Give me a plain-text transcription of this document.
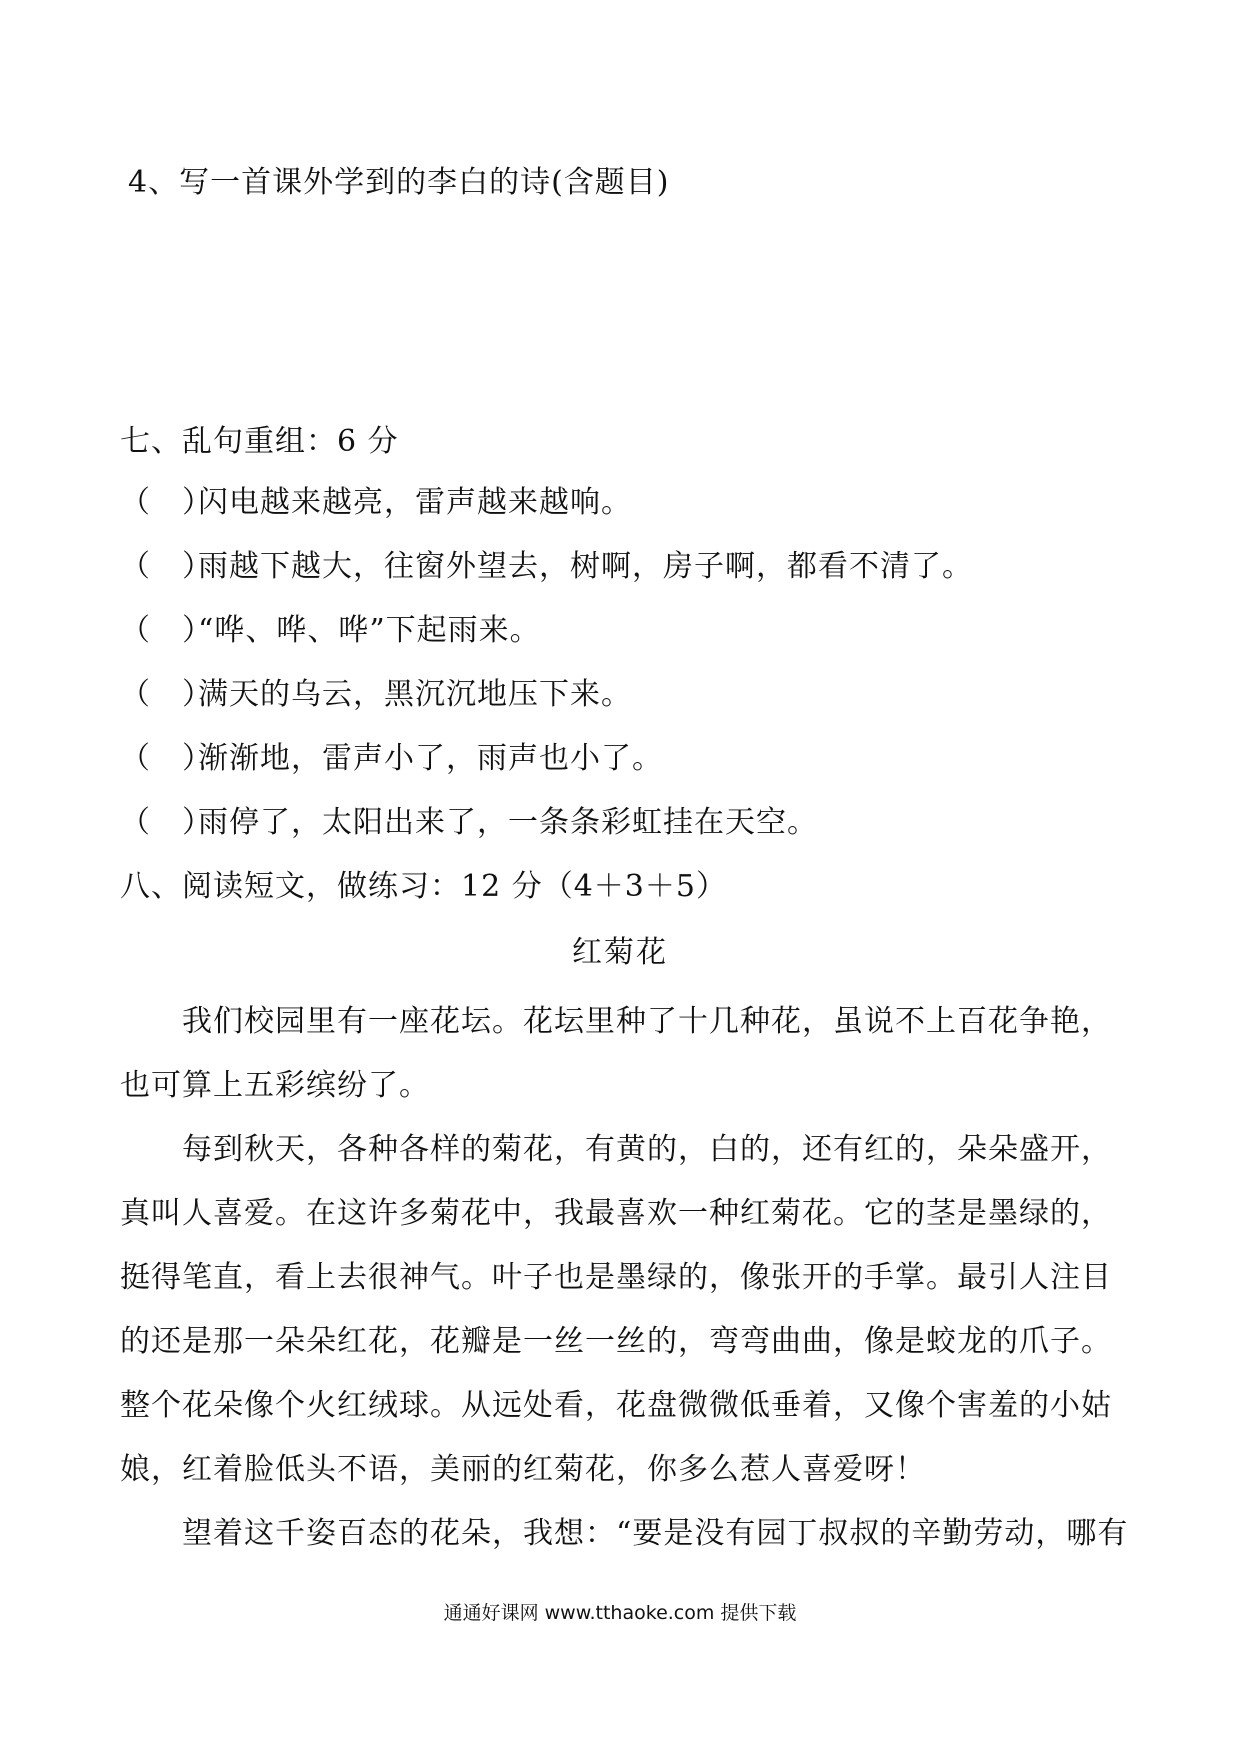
4、写一首课外学到的李白的诗(含题目)
七、乱句重组：6 分
（　）闪电越来越亮，雷声越来越响。
（　）雨越下越大，往窗外望去，树啊，房子啊，都看不清了。
（　）“哗、哗、哗”下起雨来。
（　）满天的乌云，黑沉沉地压下来。
（　）渐渐地，雷声小了，雨声也小了。
（　）雨停了，太阳出来了，一条条彩虹挂在天空。
八、阅读短文，做练习：12 分（4＋3＋5）
红菊花
我们校园里有一座花坛。花坛里种了十几种花，虽说不上百花争艳，
也可算上五彩缤纷了。
每到秋天，各种各样的菊花，有黄的，白的，还有红的，朵朵盛开，
真叫人喜爱。在这许多菊花中，我最喜欢一种红菊花。它的茎是墨绿的，
挺得笔直，看上去很神气。叶子也是墨绿的，像张开的手掌。最引人注目
的还是那一朵朵红花，花瓣是一丝一丝的，弯弯曲曲，像是蛟龙的爪子。
整个花朵像个火红绒球。从远处看，花盘微微低垂着，又像个害羞的小姑
娘，红着脸低头不语，美丽的红菊花，你多么惹人喜爱呀！
望着这千姿百态的花朵，我想：“要是没有园丁叔叔的辛勤劳动，哪有
通通好课网 www.tthaoke.com 提供下载
